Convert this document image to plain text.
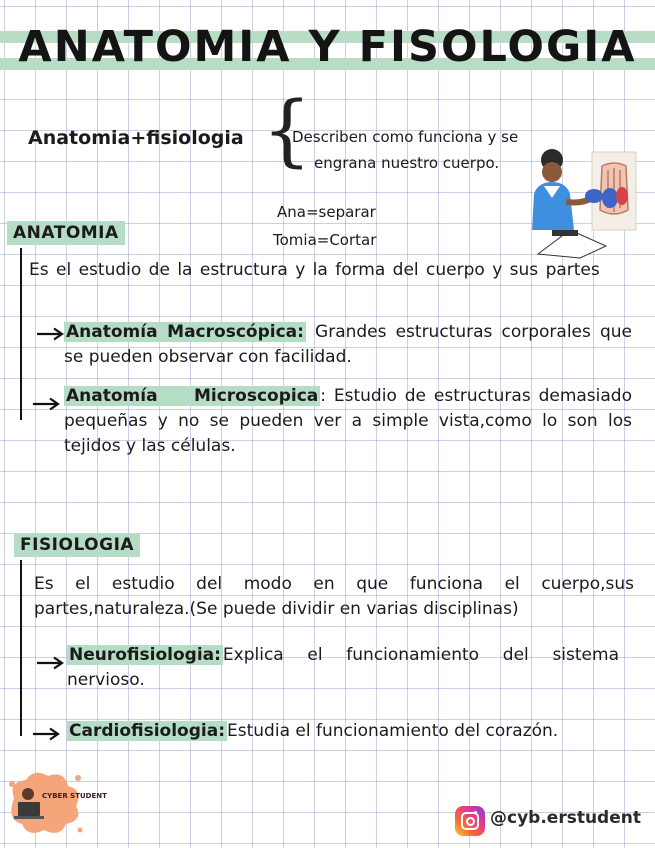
ANATOMIA Y FISOLOGIA
Anatomia+fisiologia {
Describen como funciona y se
engrana nuestro cuerpo.
Ana=separar
Tomia=Cortar
ANATOMIA
Es el estudio de la estructura y la forma del cuerpo y sus partes
Anatomía Macroscópica: Grandes estructuras corporales que se pueden observar con facilidad.
Anatomía Microscopica : Estudio de estructuras demasiado pequeñas y no se pueden ver a simple vista,como lo son los tejidos y las células.
FISIOLOGIA
Es el estudio del modo en que funciona el cuerpo,sus partes,naturaleza.(Se puede dividir en varias disciplinas)
Neurofisiologia: Explica el funcionamiento del sistema nervioso.
Cardiofisiologia: Estudia el funcionamiento del corazón.
CYBER STUDENT
@cyb.erstudent
